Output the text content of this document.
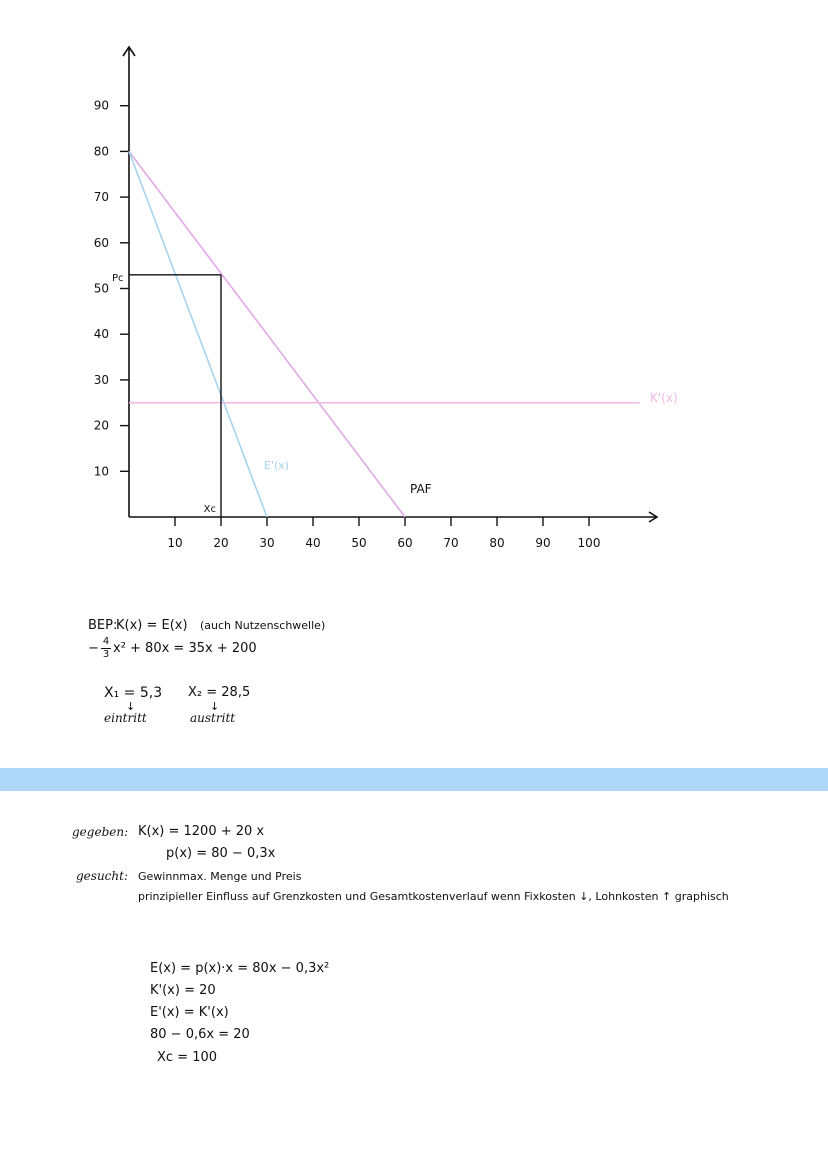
10
20
30
40
50
60
70
80
90
10	20	30	40	50	60	70	80	90 100
Pc
Xc
PAF
E'(x)
K'(x)
BEP:
K(x) = E(x) (auch Nutzenschwelle)
− 4
3 x² + 80x = 35x + 200
X₁ = 5,3
↓
eintritt
X₂ = 28,5
↓
austritt
gegeben: K(x) = 1200 + 20 x
p(x) = 80 − 0,3x
gesucht: Gewinnmax. Menge und Preis
prinzipieller Einfluss auf Grenzkosten und Gesamtkostenverlauf wenn Fixkosten ↓, Lohnkosten ↑ graphisch
E(x) = p(x)·x = 80x − 0,3x²
K'(x) = 20
E'(x) = K'(x)
80 − 0,6x = 20
Xc = 100
